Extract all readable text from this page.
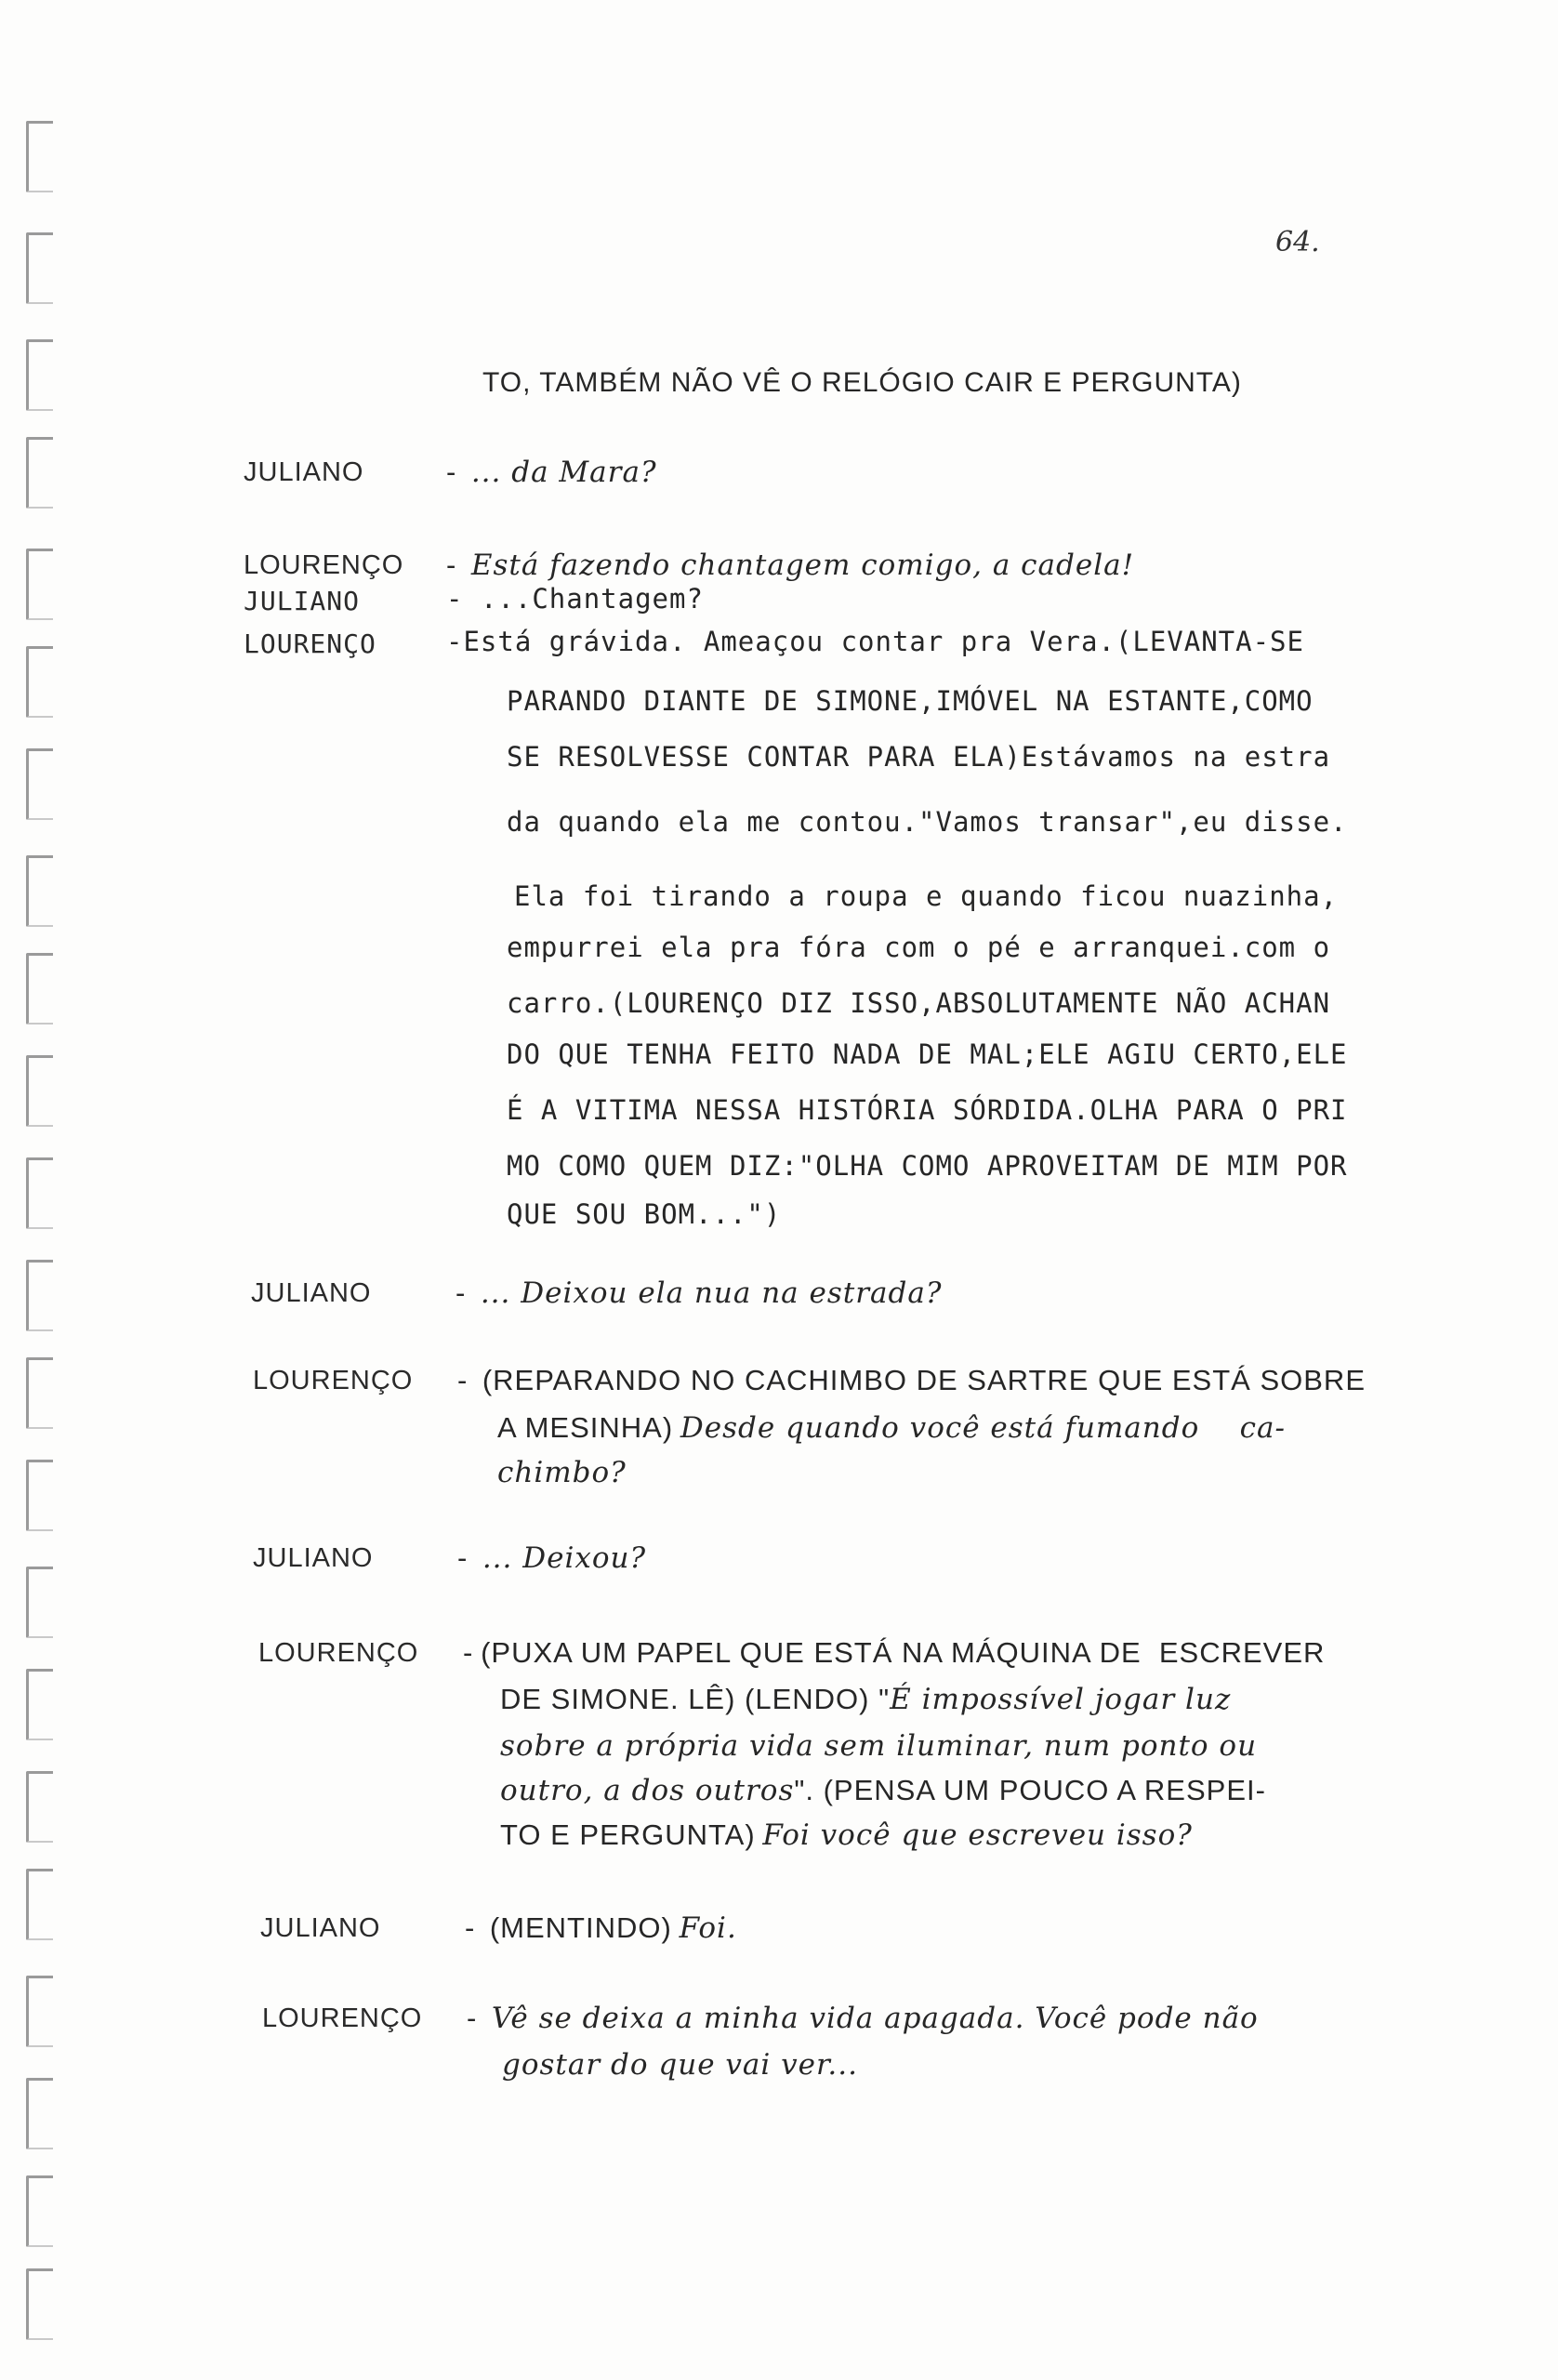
64.
TO, TAMBÉM NÃO VÊ O RELÓGIO CAIR E PERGUNTA)
JULIANO	- ... da Mara?
LOURENÇO - Está fazendo chantagem comigo, a cadela!
JULIANO	- ...Chantagem?
LOURENÇO	-Está grávida. Ameaçou contar pra Vera.(LEVANTA-SE
PARANDO DIANTE DE SIMONE,IMÓVEL NA ESTANTE,COMO
SE RESOLVESSE CONTAR PARA ELA)Estávamos na estra
da quando ela me contou."Vamos transar",eu disse.
Ela foi tirando a roupa e quando ficou nuazinha,
empurrei ela pra fóra com o pé e arranquei.com o
carro.(LOURENÇO DIZ ISSO,ABSOLUTAMENTE NÃO ACHAN
DO QUE TENHA FEITO NADA DE MAL;ELE AGIU CERTO,ELE
É A VITIMA NESSA HISTÓRIA SÓRDIDA.OLHA PARA O PRI
MO COMO QUEM DIZ:"OLHA COMO APROVEITAM DE MIM POR
QUE SOU BOM...")
JULIANO	- ... Deixou ela nua na estrada?
LOURENÇO - (REPARANDO NO CACHIMBO DE SARTRE QUE ESTÁ SOBRE
A MESINHA) Desde quando você está fumando    ca-
chimbo?
JULIANO	- ... Deixou?
LOURENÇO - (PUXA UM PAPEL QUE ESTÁ NA MÁQUINA DE  ESCREVER
DE SIMONE. LÊ) (LENDO) "É impossível jogar luz
sobre a própria vida sem iluminar, num ponto ou
outro, a dos outros". (PENSA UM POUCO A RESPEI-
TO E PERGUNTA) Foi você que escreveu isso?
JULIANO	- (MENTINDO) Foi.
LOURENÇO - Vê se deixa a minha vida apagada. Você pode não
gostar do que vai ver...
